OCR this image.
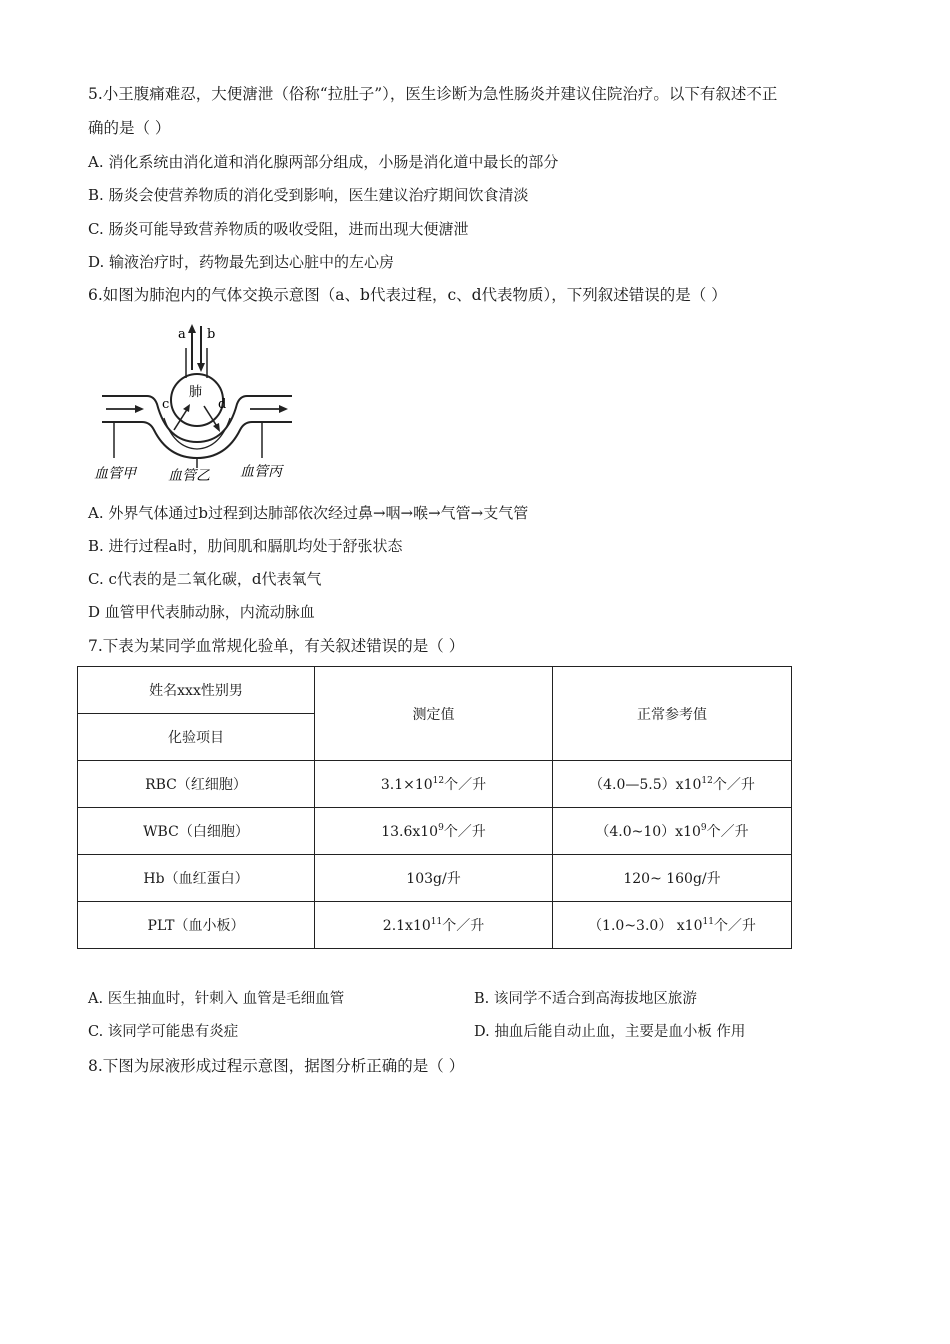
5.小王腹痛难忍，大便溏泄（俗称“拉肚子”），医生诊断为急性肠炎并建议住院治疗。以下有叙述不正
确的是（ ）
A. 消化系统由消化道和消化腺两部分组成，小肠是消化道中最长的部分
B. 肠炎会使营养物质的消化受到影响，医生建议治疗期间饮食清淡
C. 肠炎可能导致营养物质的吸收受阻，进而出现大便溏泄
D. 输液治疗时，药物最先到达心脏中的左心房
6.如图为肺泡内的气体交换示意图（a、b代表过程，c、d代表物质），下列叙述错误的是（ ）
a b
肺
c	d
血管甲 血管乙 血管丙
A. 外界气体通过b过程到达肺部依次经过鼻→咽→喉→气管→支气管
B. 进行过程a时，肋间肌和膈肌均处于舒张状态
C. c代表的是二氧化碳，d代表氧气
D 血管甲代表肺动脉，内流动脉血
7.下表为某同学血常规化验单，有关叙述错误的是（ ）
姓名xxx性别男	测定值	正常参考值
化验项目		
RBC（红细胞）	$3.1\times 10^{12}$个／升	$(4.0—5.5)x10^{12}$个／升
WBC（白细胞）	$13.6x10^9$个／升	$(4.0\sim 10)x10^9$个／升
Hb（血红蛋白）	103g/升	120~ 160g/升
PLT（血小板）	$2.1x10^{11}$个／升	（1.0~3.0） $x10^{11}$个／升
A. 医生抽血时，针刺入 血管是毛细血管	B. 该同学不适合到高海拔地区旅游
C. 该同学可能患有炎症	D. 抽血后能自动止血，主要是血小板 作用
8.下图为尿液形成过程示意图，据图分析正确的是（ ）
